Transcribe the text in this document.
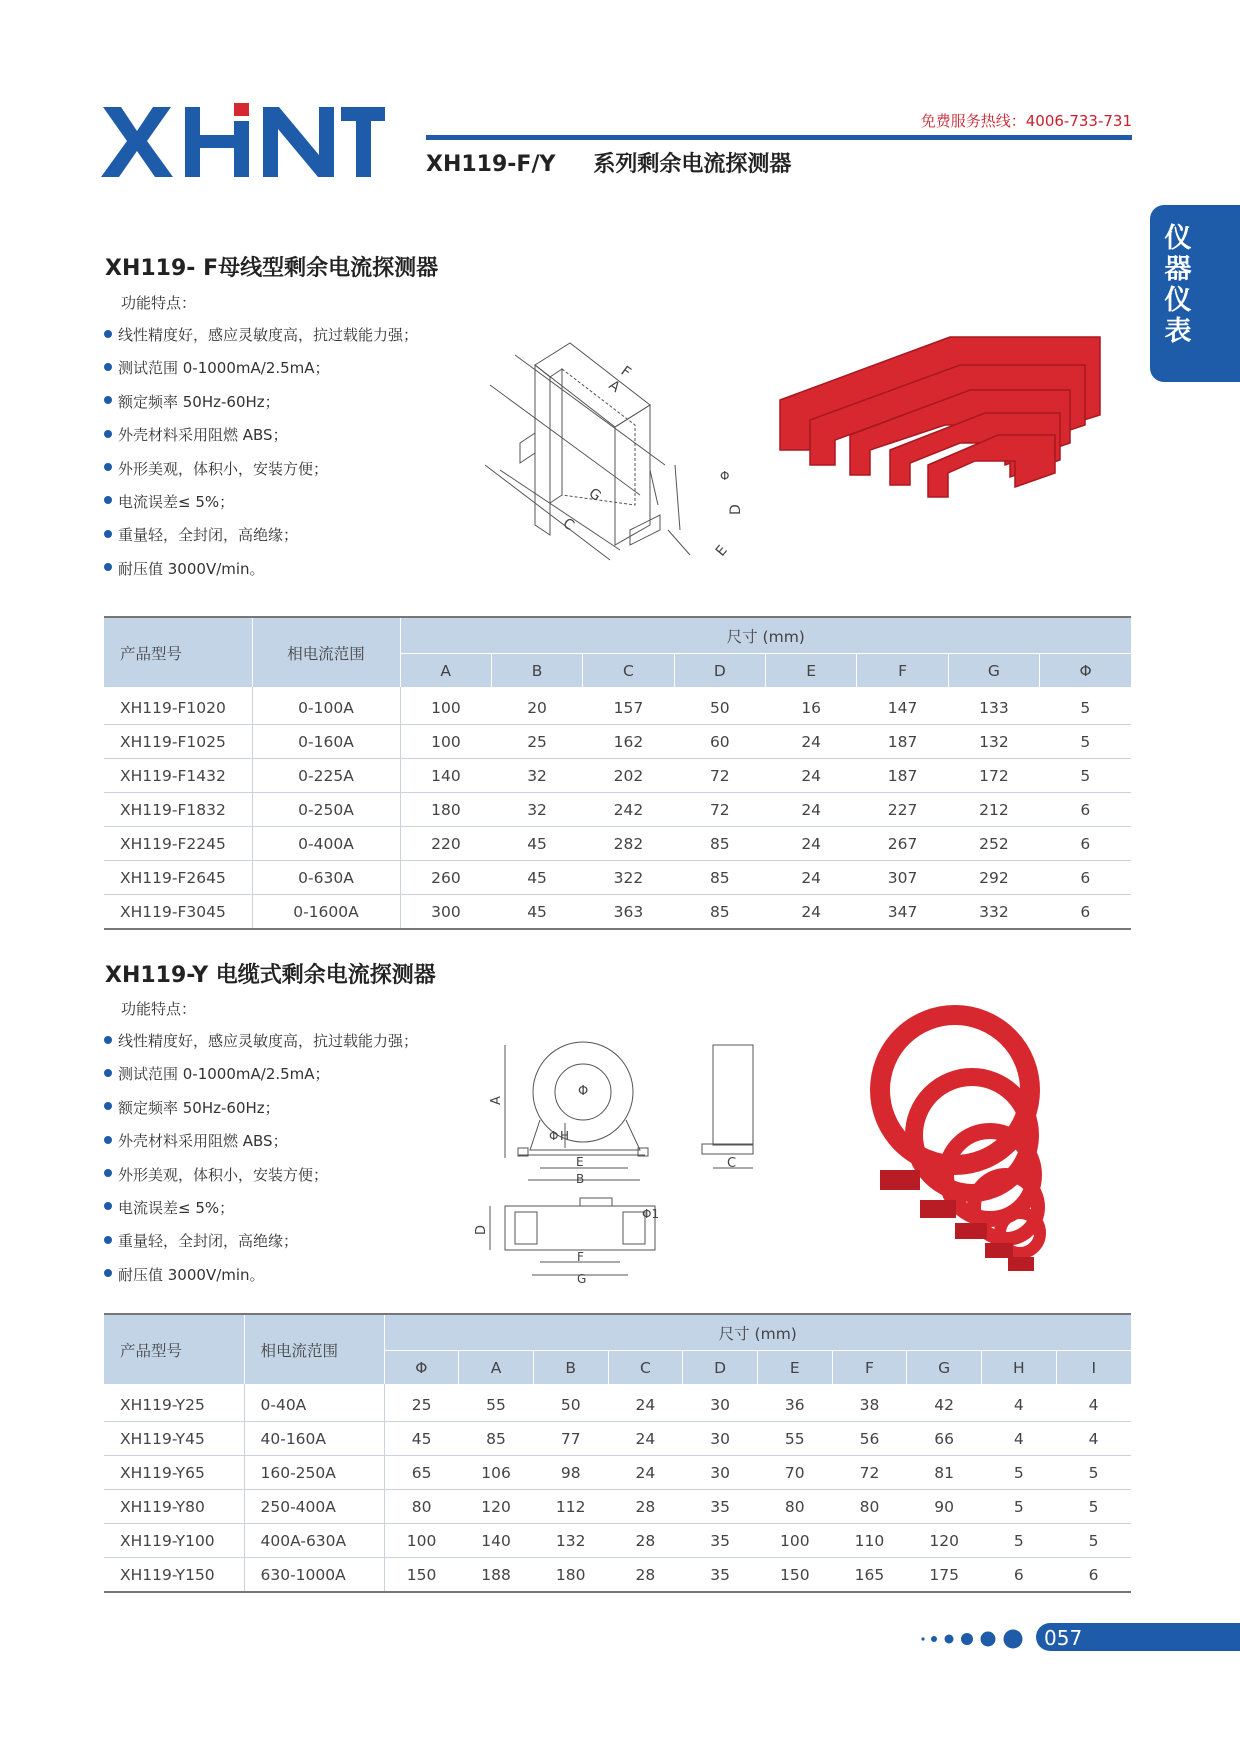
XHNT
免费服务热线：4006-733-731
XH119-F/Y 系列剩余电流探测器
仪器仪表
XH119- F母线型剩余电流探测器
功能特点：
线性精度好，感应灵敏度高，抗过载能力强；
测试范围 0-1000mA/2.5mA；
额定频率 50Hz-60Hz；
外壳材料采用阻燃 ABS；
外形美观，体积小，安装方便；
电流误差≤ 5%；
重量轻，全封闭，高绝缘；
耐压值 3000V/min。
F
A
G
C
Φ
D
E
产品型号	相电流范围	尺寸 (mm)							
		A	B	C	D	E	F	G	Φ
XH119-F1020	0-100A	100	20	157	50	16	147	133	5
XH119-F1025	0-160A	100	25	162	60	24	187	132	5
XH119-F1432	0-225A	140	32	202	72	24	187	172	5
XH119-F1832	0-250A	180	32	242	72	24	227	212	6
XH119-F2245	0-400A	220	45	282	85	24	267	252	6
XH119-F2645	0-630A	260	45	322	85	24	307	292	6
XH119-F3045	0-1600A	300	45	363	85	24	347	332	6
XH119-Y 电缆式剩余电流探测器
功能特点：
线性精度好，感应灵敏度高，抗过载能力强；
测试范围 0-1000mA/2.5mA；
额定频率 50Hz-60Hz；
外壳材料采用阻燃 ABS；
外形美观，体积小，安装方便；
电流误差≤ 5%；
重量轻，全封闭，高绝缘；
耐压值 3000V/min。
A
Φ
H
Φ
E
B
C
D
Φ1
F
G
产品型号	相电流范围	尺寸 (mm)									
		Φ	A	B	C	D	E	F	G	H	I
XH119-Y25	0-40A	25	55	50	24	30	36	38	42	4	4
XH119-Y45	40-160A	45	85	77	24	30	55	56	66	4	4
XH119-Y65	160-250A	65	106	98	24	30	70	72	81	5	5
XH119-Y80	250-400A	80	120	112	28	35	80	80	90	5	5
XH119-Y100	400A-630A	100	140	132	28	35	100	110	120	5	5
XH119-Y150	630-1000A	150	188	180	28	35	150	165	175	6	6
057
